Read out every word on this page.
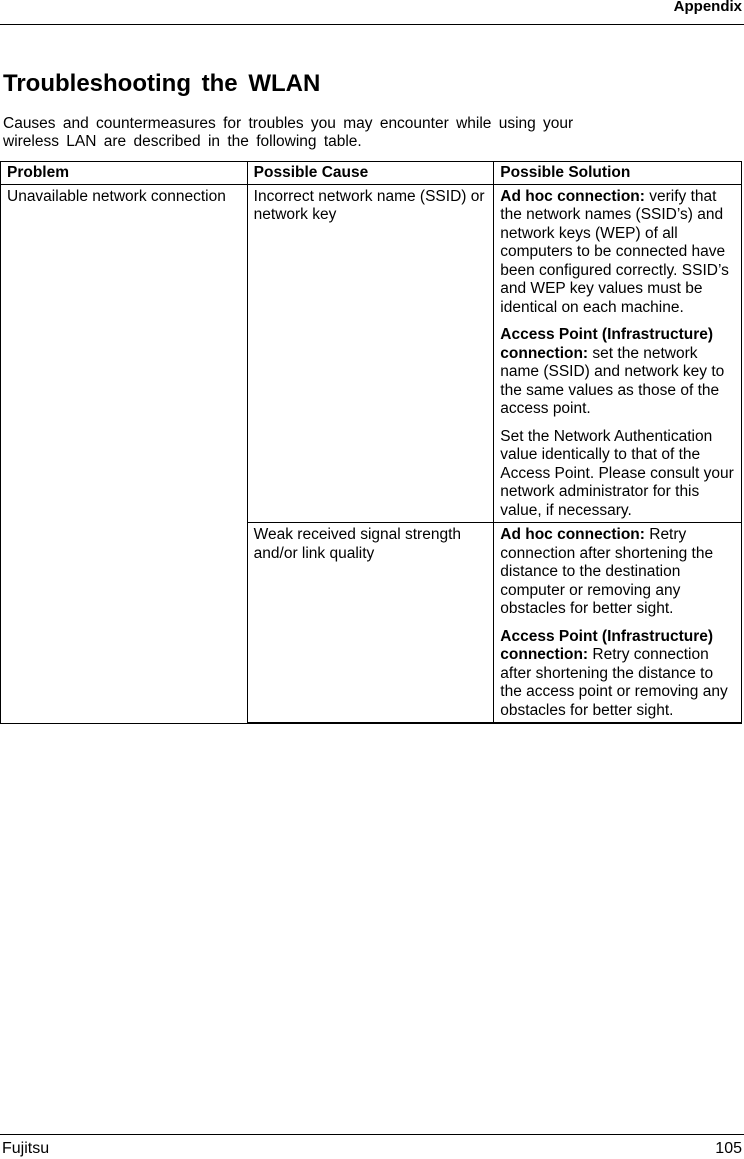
Appendix
Troubleshooting the WLAN

Causes and countermeasures for troubles you may encounter while using your wireless LAN are described in the following table.

Problem	Possible Cause	Possible Solution
Unavailable network connection	Incorrect network name (SSID) or network key	Ad hoc connection: verify that the network names (SSID’s) and network keys (WEP) of all computers to be connected have been configured correctly. SSID’s and WEP key values must be identical on each machine.

Access Point (Infrastructure) connection: set the network name (SSID) and network key to the same values as those of the access point.

Set the Network Authentication value identically to that of the Access Point. Please consult your network administrator for this value, if necessary.

	Weak received signal strength and/or link quality	Ad hoc connection: Retry connection after shortening the distance to the destination computer or removing any obstacles for better sight.

Access Point (Infrastructure) connection: Retry connection after shortening the distance to the access point or removing any obstacles for better sight.

Fujitsu	105
